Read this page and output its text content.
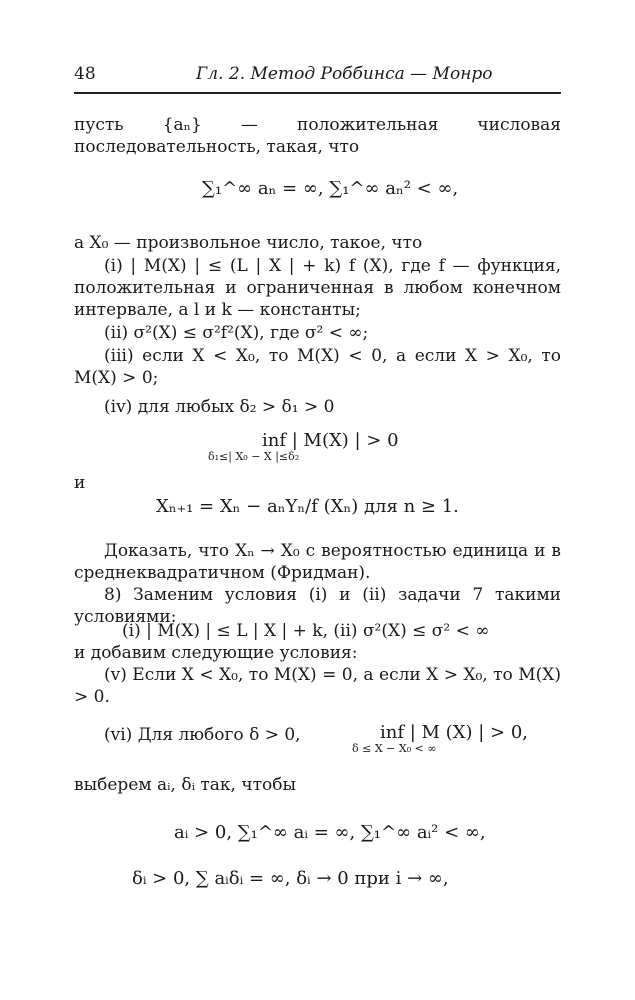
48	Гл. 2. Метод Роббинса — Монро
пусть {aₙ} — положительная числовая последовательность, такая, что
∑₁^∞ aₙ = ∞, ∑₁^∞ aₙ² < ∞,
а X₀ — произвольное число, такое, что
(i) | M(X) | ≤ (L | X | + k) f (X), где f — функция, положительная и ограниченная в любом конечном интервале, а l и k — константы;
(ii) σ²(X) ≤ σ²f²(X), где σ² < ∞;
(iii) если X < X₀, то M(X) < 0, а если X > X₀, то M(X) > 0;
(iv) для любых δ₂ > δ₁ > 0
inf | M(X) | > 0
δ₁≤| X₀ − X |≤δ₂
и
Xₙ₊₁ = Xₙ − aₙYₙ/f (Xₙ) для n ≥ 1.
Доказать, что Xₙ → X₀ с вероятностью единица и в среднеквадратичном (Фридман).
8) Заменим условия (i) и (ii) задачи 7 такими условиями:
(i) | M(X) | ≤ L | X | + k, (ii) σ²(X) ≤ σ² < ∞
и добавим следующие условия:
(v) Если X < X₀, то M(X) = 0, а если X > X₀, то M(X) > 0.
(vi) Для любого δ > 0,	inf | M (X) | > 0,
δ ≤ X − X₀ < ∞
выберем aᵢ, δᵢ так, чтобы
aᵢ > 0, ∑₁^∞ aᵢ = ∞, ∑₁^∞ aᵢ² < ∞,
δᵢ > 0, ∑ aᵢδᵢ = ∞, δᵢ → 0 при i → ∞,
